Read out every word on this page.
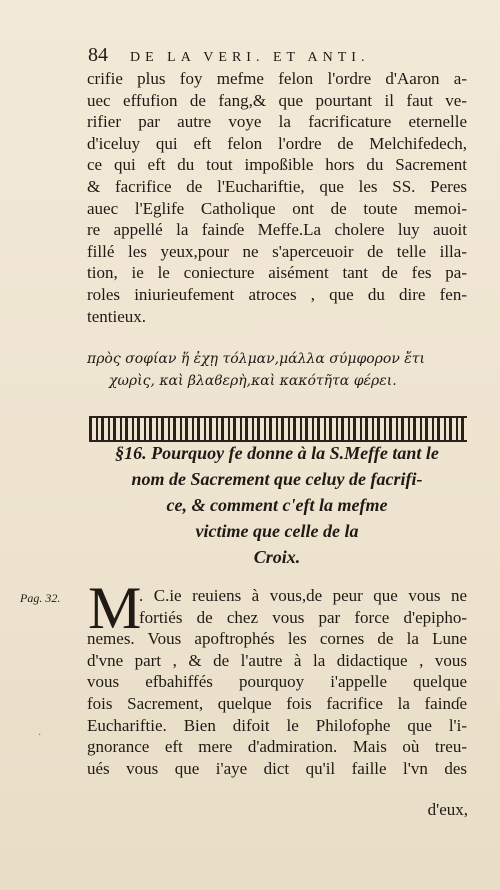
84	DE LA VERI. ET ANTI.
crifie plus foy mefme felon l'ordre d'Aaron a-
uec effufion de fang,& que pourtant il faut ve-
rifier par autre voye la facrificature eternelle
d'iceluy qui eft felon l'ordre de Melchifedech,
ce qui eft du tout impoßible hors du Sacrement
& facrifice de l'Euchariftie, que les SS. Peres
auec l'Eglife Catholique ont de toute memoi-
re appellé la fainɗe Meffe.La cholere luy auoit
fillé les yeux,pour ne s'aperceuoir de telle illa-
tion, ie le coniecture aisément tant de fes pa-
roles iniurieufement atroces , que du dire fen-
tentieux.
πρὸς σοφίαν ἥ ἐχῃ τόλμαν,μάλλα σύμφορον ἔτι
χωρὶς, καὶ βλαϐερὴ,καὶ κακότη̃τα φέρει.
§16. Pourquoy fe donne à la S.Meffe tant le
nom de Sacrement que celuy de facrifi-
ce, & comment c'eft la mefme
victime que celle de la
Croix.
Pag. 32. M
. C.ie reuiens à vous,de peur que vous ne
fortiés de chez vous par force d'epipho-
nemes. Vous apoftrophés les cornes de la Lune
d'vne part , & de l'autre à la didactique , vous
vous efbahiffés pourquoy i'appelle quelque
fois Sacrement, quelque fois facrifice la fainɗe
Euchariftie. Bien difoit le Philofophe que l'i-
gnorance eft mere d'admiration. Mais où treu-
ués vous que i'aye dict qu'il faille l'vn des
·
d'eux,
